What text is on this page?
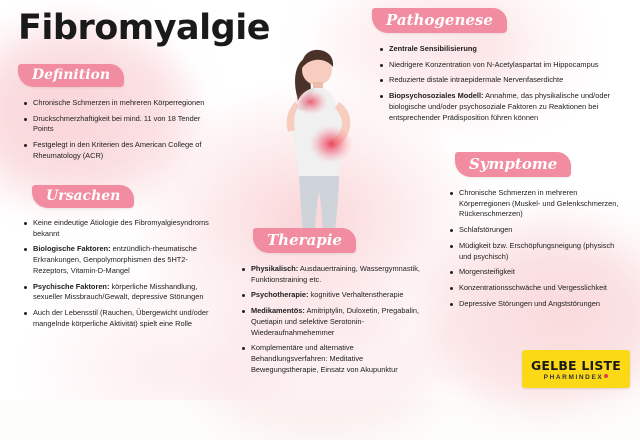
Fibromyalgie
Definition
Chronische Schmerzen in mehreren Körperregionen
Druckschmerzhaftigkeit bei mind. 11 von 18 Tender Points
Festgelegt in den Kriterien des American College of Rheumatology (ACR)
Ursachen
Keine eindeutige Ätiologie des Fibromyalgiesyndroms bekannt
Biologische Faktoren: entzündlich-rheumatische Erkrankungen, Genpolymorphismen des 5HT2-Rezeptors, Vitamin-D-Mangel
Psychische Faktoren: körperliche Misshandlung, sexueller Missbrauch/Gewalt, depressive Störungen
Auch der Lebensstil (Rauchen, Übergewicht und/oder mangelnde körperliche Aktivität) spielt eine Rolle
Therapie
Physikalisch: Ausdauertraining, Wassergymnastik, Funktionstraining etc.
Psychotherapie: kognitive Verhaltenstherapie
Medikamentös: Amitriptylin, Duloxetin, Pregabalin, Quetiapin und selektive Serotonin-Wiederaufnahmehemmer
Komplementäre und alternative Behandlungsverfahren: Meditative Bewegungstherapie, Einsatz von Akupunktur
Pathogenese
Zentrale Sensibilisierung
Niedrigere Konzentration von N-Acetylaspartat im Hippocampus
Reduzierte distale intraepidermale Nervenfaserdichte
Biopsychosoziales Modell: Annahme, das physikalische und/oder biologische und/oder psychosoziale Faktoren zu Reaktionen bei entsprechender Prädisposition führen können
Symptome
Chronische Schmerzen in mehreren Körperregionen (Muskel- und Gelenkschmerzen, Rückenschmerzen)
Schlafstörungen
Müdigkeit bzw. Erschöpfungsneigung (physisch und psychisch)
Morgensteifigkeit
Konzentrationsschwäche und Vergesslichkeit
Depressive Störungen und Angststörungen
GELBE LISTE
PHARMINDEX
